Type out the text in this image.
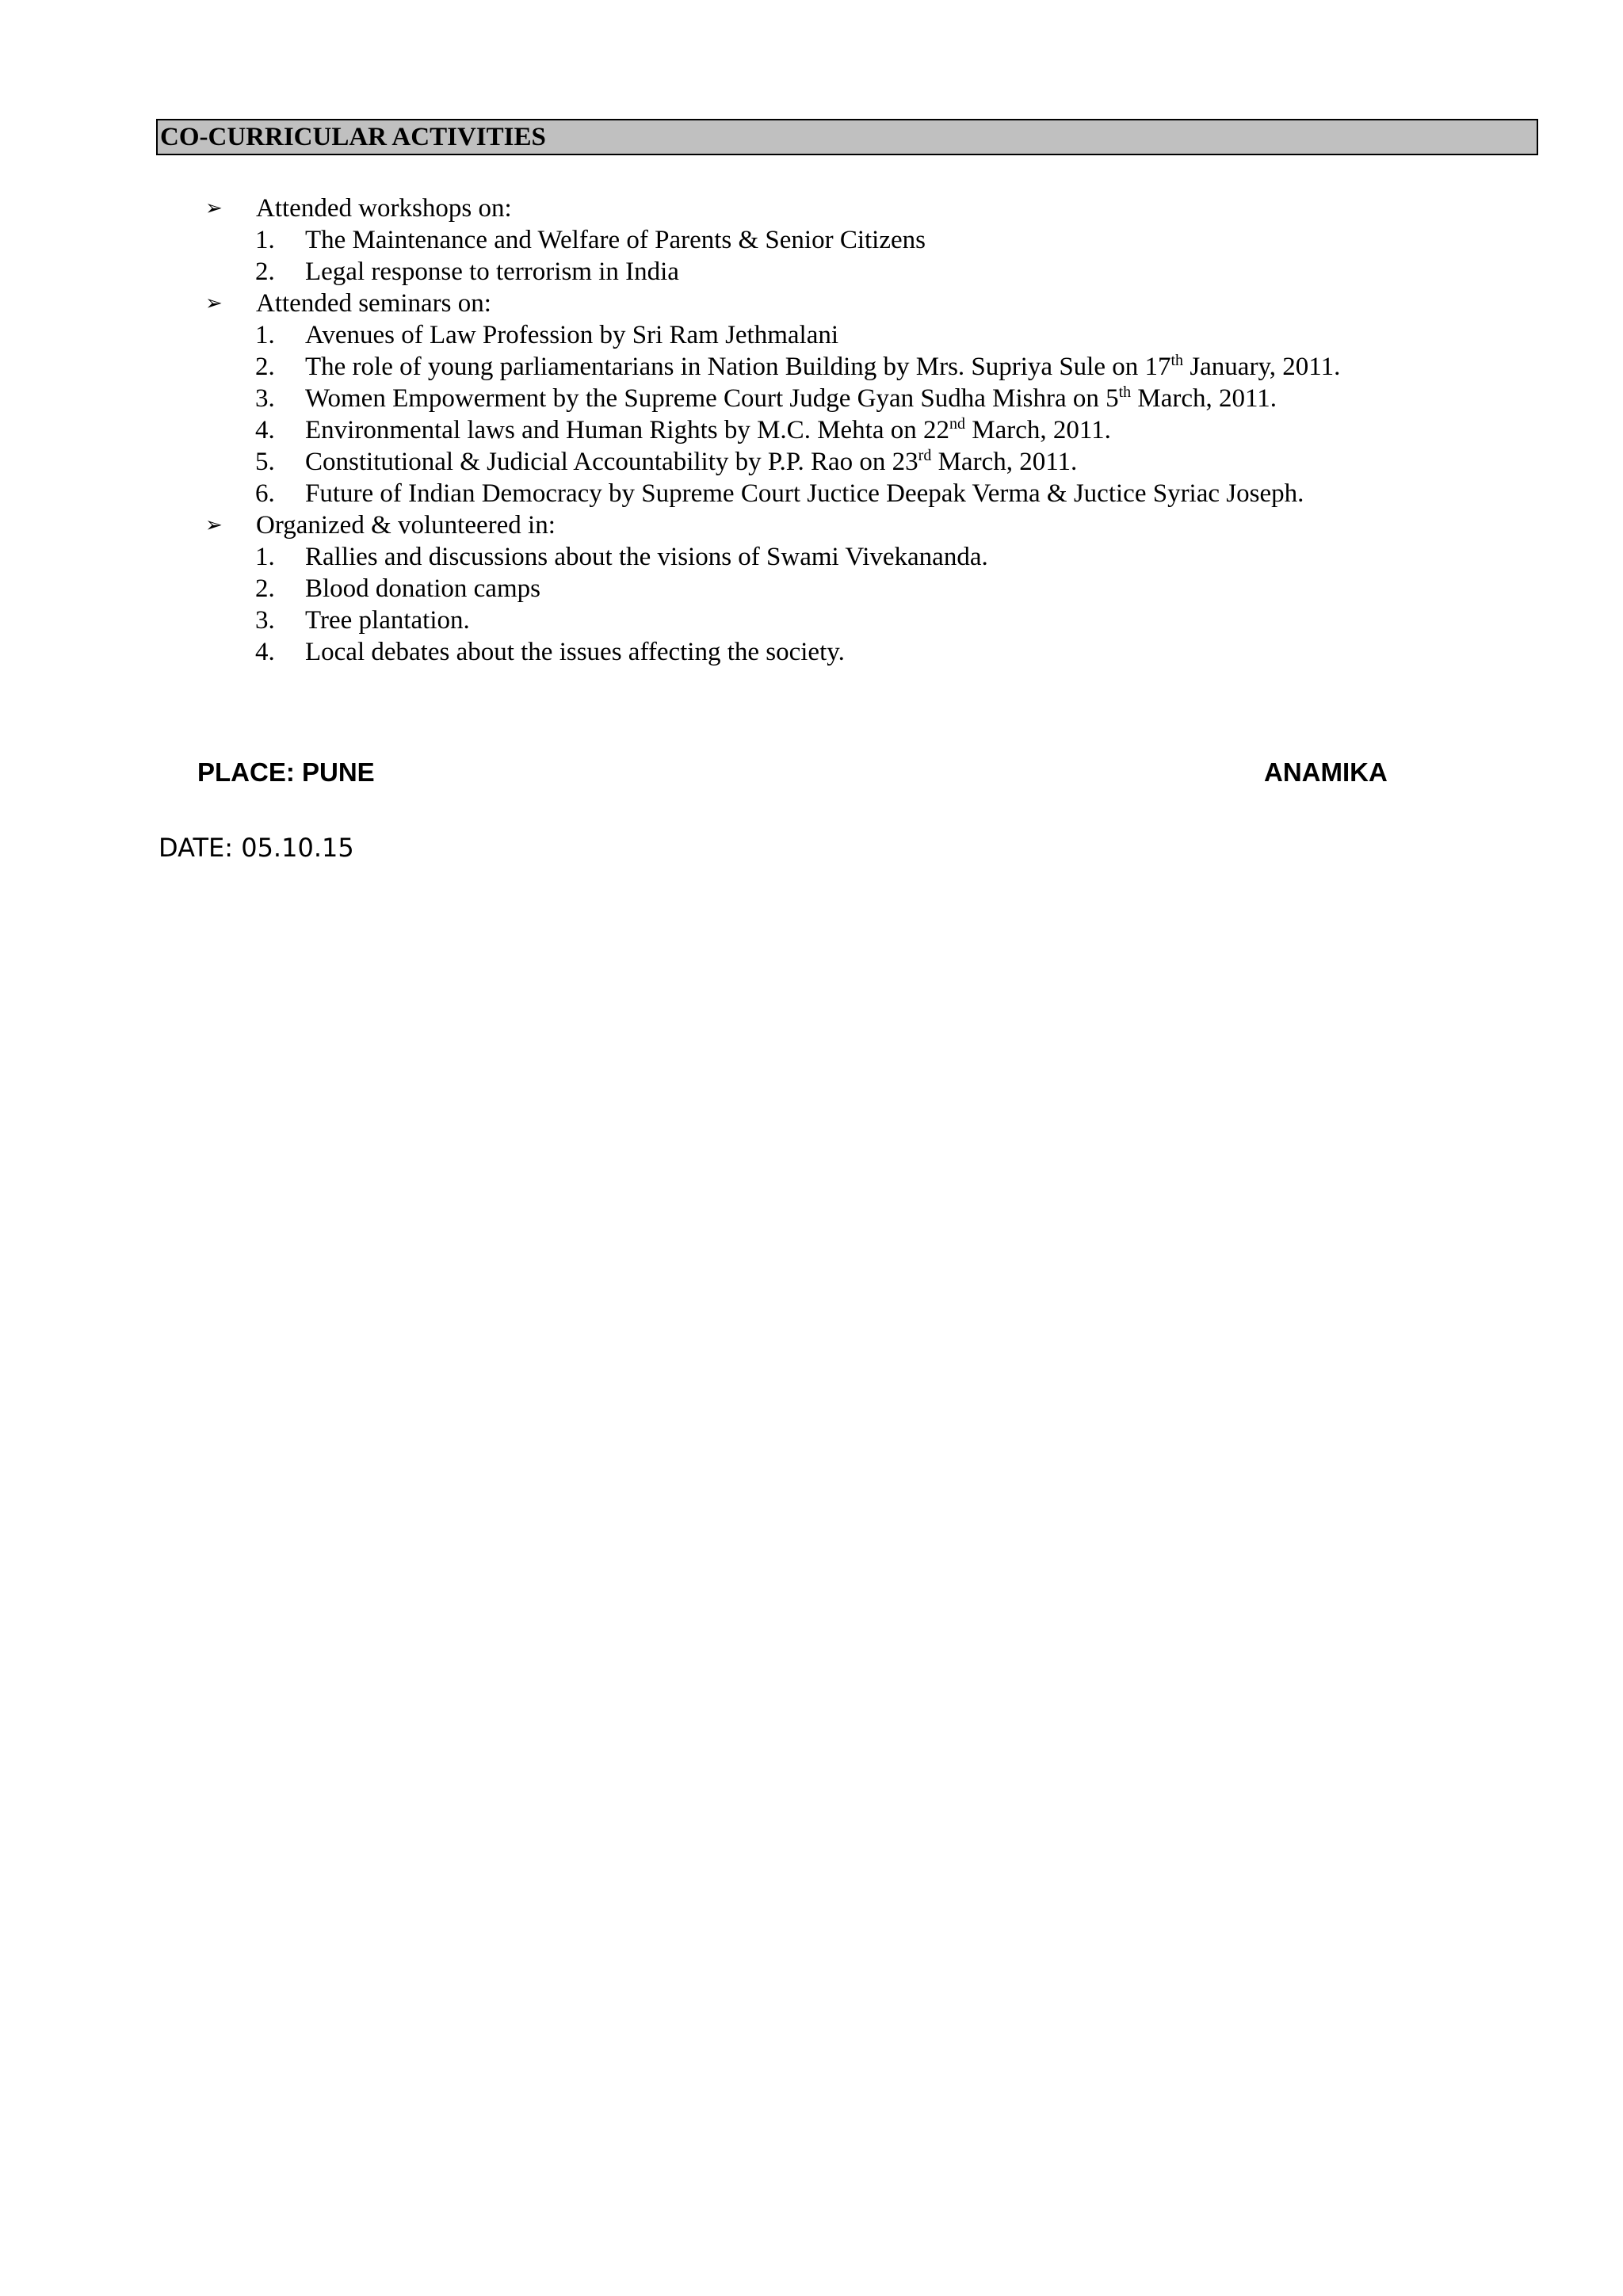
CO-CURRICULAR ACTIVITIES
➢ Attended workshops on:
1. The Maintenance and Welfare of Parents & Senior Citizens
2. Legal response to terrorism in India
➢ Attended seminars on:
1. Avenues of Law Profession by Sri Ram Jethmalani
2. The role of young parliamentarians in Nation Building by Mrs. Supriya Sule on 17th January, 2011.
3. Women Empowerment by the Supreme Court Judge Gyan Sudha Mishra on 5th March, 2011.
4. Environmental laws and Human Rights by M.C. Mehta on 22nd March, 2011.
5. Constitutional & Judicial Accountability by P.P. Rao on 23rd March, 2011.
6. Future of Indian Democracy by Supreme Court Juctice Deepak Verma & Juctice Syriac Joseph.
➢ Organized & volunteered in:
1. Rallies and discussions about the visions of Swami Vivekananda.
2. Blood donation camps
3. Tree plantation.
4. Local debates about the issues affecting the society.
PLACE: PUNE	ANAMIKA
DATE: 05.10.15
